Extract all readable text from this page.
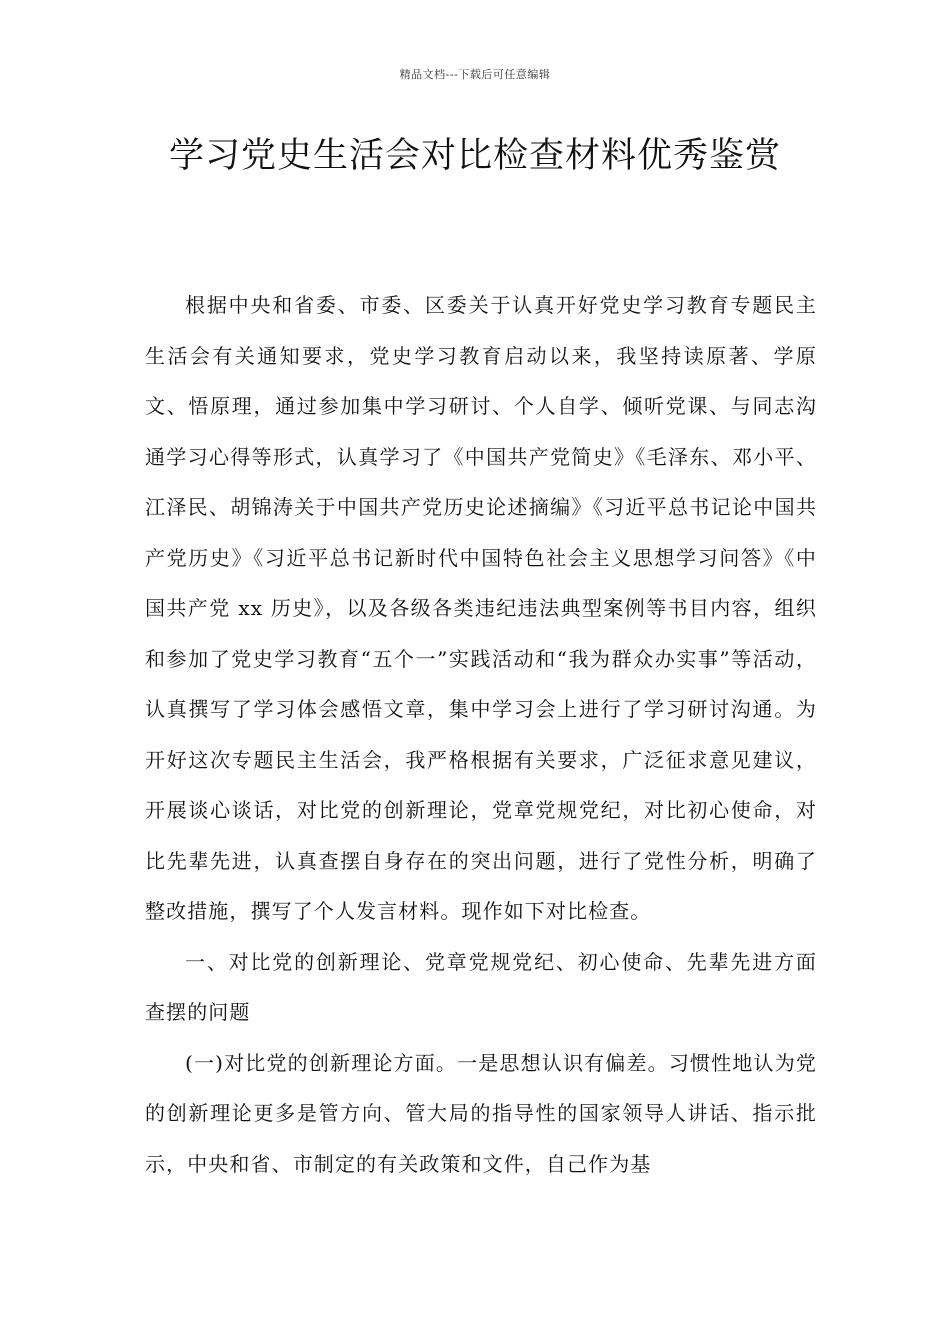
精品文档---下载后可任意编辑
学习党史生活会对比检查材料优秀鉴赏

根据中央和省委、市委、区委关于认真开好党史学习教育专题民主生活会有关通知要求，党史学习教育启动以来，我坚持读原著、学原文、悟原理，通过参加集中学习研讨、个人自学、倾听党课、与同志沟通学习心得等形式，认真学习了《中国共产党简史》《毛泽东、邓小平、江泽民、胡锦涛关于中国共产党历史论述摘编》《习近平总书记论中国共产党历史》《习近平总书记新时代中国特色社会主义思想学习问答》《中国共产党 xx 历史》，以及各级各类违纪违法典型案例等书目内容，组织和参加了党史学习教育“五个一”实践活动和“我为群众办实事”等活动，认真撰写了学习体会感悟文章，集中学习会上进行了学习研讨沟通。为开好这次专题民主生活会，我严格根据有关要求，广泛征求意见建议，开展谈心谈话，对比党的创新理论，党章党规党纪，对比初心使命，对比先辈先进，认真查摆自身存在的突出问题，进行了党性分析，明确了整改措施，撰写了个人发言材料。现作如下对比检查。

一、对比党的创新理论、党章党规党纪、初心使命、先辈先进方面查摆的问题

(一)对比党的创新理论方面。一是思想认识有偏差。习惯性地认为党的创新理论更多是管方向、管大局的指导性的国家领导人讲话、指示批示，中央和省、市制定的有关政策和文件，自己作为基
